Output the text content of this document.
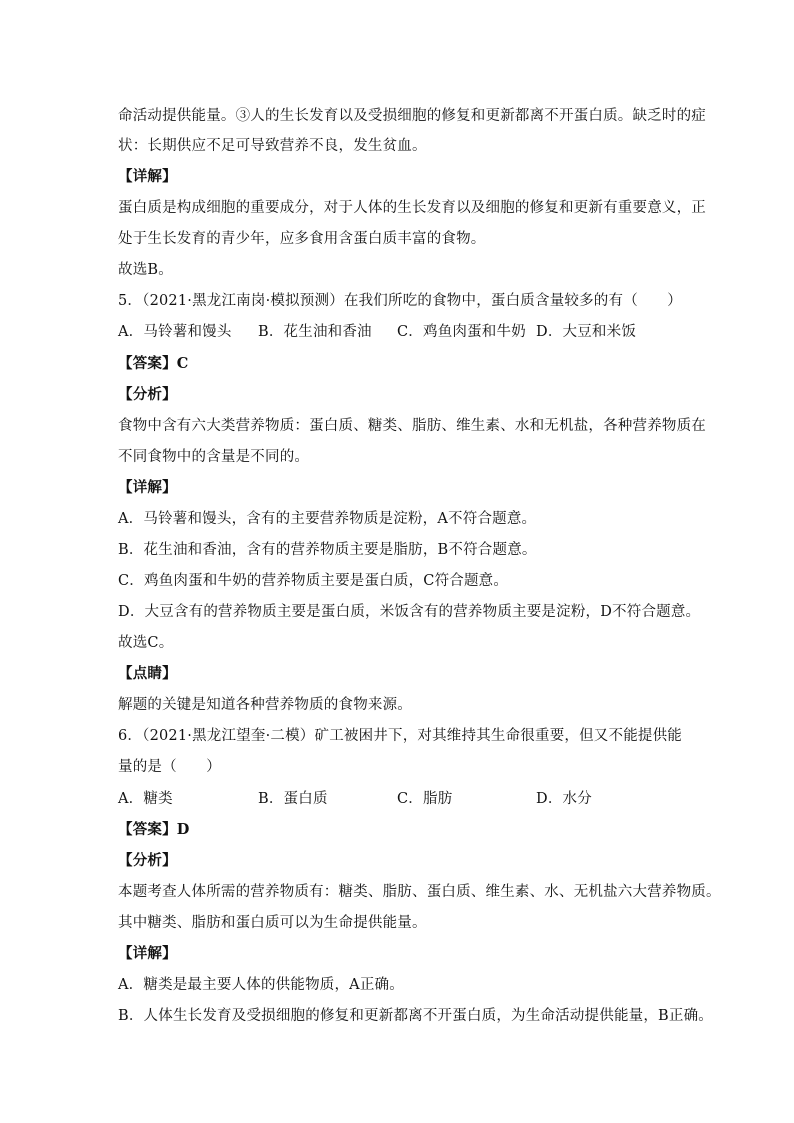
命活动提供能量。③人的生长发育以及受损细胞的修复和更新都离不开蛋白质。缺乏时的症
状：长期供应不足可导致营养不良，发生贫血。
【详解】
蛋白质是构成细胞的重要成分，对于人体的生长发育以及细胞的修复和更新有重要意义，正
处于生长发育的青少年，应多食用含蛋白质丰富的食物。
故选B。
5．（2021·黑龙江南岗·模拟预测）在我们所吃的食物中，蛋白质含量较多的有（　　）
【答案】C
【分析】
食物中含有六大类营养物质：蛋白质、糖类、脂肪、维生素、水和无机盐，各种营养物质在
不同食物中的含量是不同的。
【详解】
A．马铃薯和馒头，含有的主要营养物质是淀粉，A不符合题意。
B．花生油和香油，含有的营养物质主要是脂肪，B不符合题意。
C．鸡鱼肉蛋和牛奶的营养物质主要是蛋白质，C符合题意。
D．大豆含有的营养物质主要是蛋白质，米饭含有的营养物质主要是淀粉，D不符合题意。
故选C。
【点睛】
解题的关键是知道各种营养物质的食物来源。
6．（2021·黑龙江望奎·二模）矿工被困井下，对其维持其生命很重要，但又不能提供能
量的是（　　）
【答案】D
【分析】
本题考查人体所需的营养物质有：糖类、脂肪、蛋白质、维生素、水、无机盐六大营养物质。
其中糖类、脂肪和蛋白质可以为生命提供能量。
【详解】
A．糖类是最主要人体的供能物质，A正确。
B．人体生长发育及受损细胞的修复和更新都离不开蛋白质，为生命活动提供能量，B正确。
A．马铃薯和馒头 B．花生油和香油 C．鸡鱼肉蛋和牛奶 D．大豆和米饭
A．糖类	B．蛋白质	C．脂肪	D．水分
